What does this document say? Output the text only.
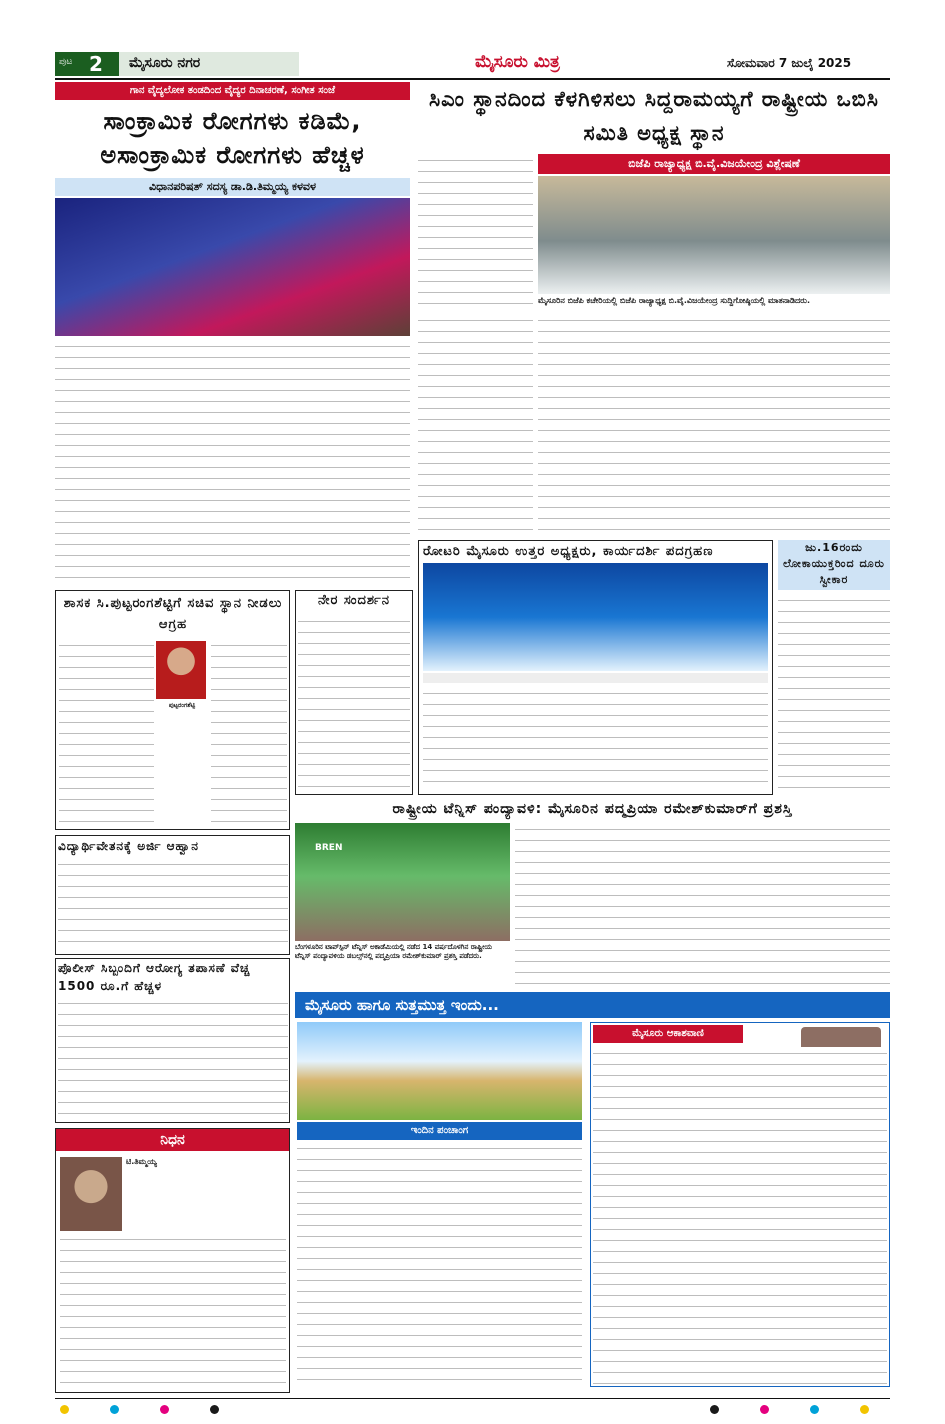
ಪುಟ 2 ಮೈಸೂರು ನಗರ	ಮೈಸೂರು ಮಿತ್ರ	ಸೋಮವಾರ 7 ಜುಲೈ 2025
ಗಾನ ವೈದ್ಯಲೋಕ ತಂಡದಿಂದ ವೈದ್ಯರ ದಿನಾಚರಣೆ, ಸಂಗೀತ ಸಂಜೆ
ಸಾಂಕ್ರಾಮಿಕ ರೋಗಗಳು ಕಡಿಮೆ, ಅಸಾಂಕ್ರಾಮಿಕ ರೋಗಗಳು ಹೆಚ್ಚಳ
ವಿಧಾನಪರಿಷತ್ ಸದಸ್ಯ ಡಾ.ಡಿ.ತಿಮ್ಮಯ್ಯ ಕಳವಳ
ಸಿಎಂ ಸ್ಥಾನದಿಂದ ಕೆಳಗಿಳಿಸಲು ಸಿದ್ದರಾಮಯ್ಯಗೆ ರಾಷ್ಟ್ರೀಯ ಒಬಿಸಿ ಸಮಿತಿ ಅಧ್ಯಕ್ಷ ಸ್ಥಾನ
ಬಿಜೆಪಿ ರಾಜ್ಯಾಧ್ಯಕ್ಷ ಬಿ.ವೈ.ವಿಜಯೇಂದ್ರ ವಿಶ್ಲೇಷಣೆ
ಮೈಸೂರಿನ ಬಿಜೆಪಿ ಕಚೇರಿಯಲ್ಲಿ ಬಿಜೆಪಿ ರಾಜ್ಯಾಧ್ಯಕ್ಷ ಬಿ.ವೈ.ವಿಜಯೇಂದ್ರ ಸುದ್ದಿಗೋಷ್ಠಿಯಲ್ಲಿ ಮಾತನಾಡಿದರು.
ರೋಟರಿ ಮೈಸೂರು ಉತ್ತರ ಅಧ್ಯಕ್ಷರು, ಕಾರ್ಯದರ್ಶಿ ಪದಗ್ರಹಣ	ಜು.16ರಂದು ಲೋಕಾಯುಕ್ತರಿಂದ ದೂರು ಸ್ವೀಕಾರ
ಶಾಸಕ ಸಿ.ಪುಟ್ಟರಂಗಶೆಟ್ಟಿಗೆ ಸಚಿವ ಸ್ಥಾನ ನೀಡಲು ಆಗ್ರಹ
ಪುಟ್ಟರಂಗಶೆಟ್ಟಿ
ನೇರ ಸಂದರ್ಶನ
ರಾಷ್ಟ್ರೀಯ ಟೆನ್ನಿಸ್ ಪಂದ್ಯಾವಳಿ: ಮೈಸೂರಿನ ಪದ್ಮಪ್ರಿಯಾ ರಮೇಶ್‌ಕುಮಾರ್‌ಗೆ ಪ್ರಶಸ್ತಿ
BREN
ಬೆಂಗಳೂರಿನ ಟಾಪ್‌ಸ್ಪಿನ್ ಟೆನ್ನಿಸ್ ಅಕಾಡೆಮಿಯಲ್ಲಿ ನಡೆದ 14 ವರ್ಷದೊಳಗಿನ ರಾಷ್ಟ್ರೀಯ ಟೆನ್ನಿಸ್ ಪಂದ್ಯಾವಳಿಯ ಡಬಲ್ಸ್‌ನಲ್ಲಿ ಪದ್ಮಪ್ರಿಯಾ ರಮೇಶ್‌ಕುಮಾರ್ ಪ್ರಶಸ್ತಿ ಪಡೆದರು.
ವಿದ್ಯಾರ್ಥಿವೇತನಕ್ಕೆ ಅರ್ಜಿ ಆಹ್ವಾನ
ಪೊಲೀಸ್ ಸಿಬ್ಬಂದಿಗೆ ಆರೋಗ್ಯ ತಪಾಸಣೆ ವೆಚ್ಚ 1500 ರೂ.ಗೆ ಹೆಚ್ಚಳ
ನಿಧನ
ಟಿ.ತಿಮ್ಮಯ್ಯ
ಮೈಸೂರು ಹಾಗೂ ಸುತ್ತಮುತ್ತ ಇಂದು...
ಇಂದಿನ ಪಂಚಾಂಗ
ಮೈಸೂರು ಆಕಾಶವಾಣಿ
